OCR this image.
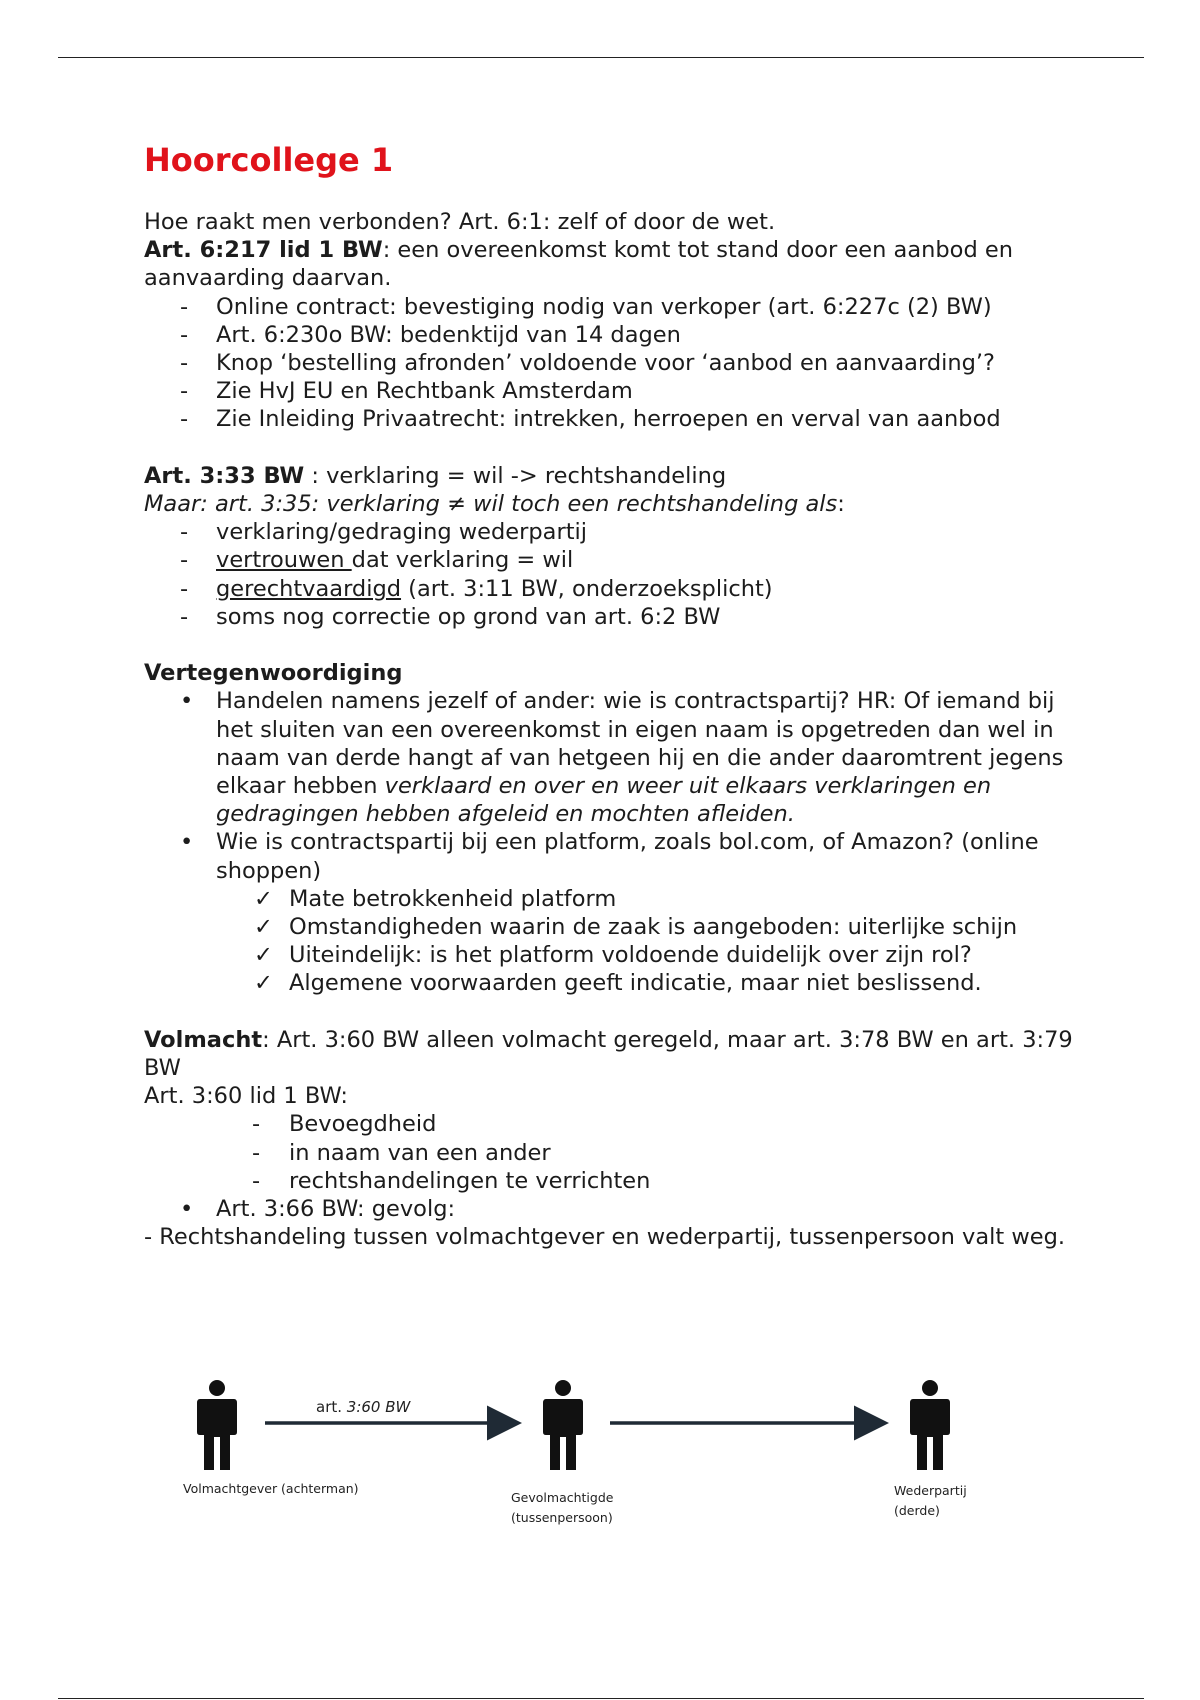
Hoorcollege 1

Hoe raakt men verbonden? Art. 6:1: zelf of door de wet.

Art. 6:217 lid 1 BW: een overeenkomst komt tot stand door een aanbod en aanvaarding daarvan.

- Online contract: bevestiging nodig van verkoper (art. 6:227c (2) BW)
- Art. 6:230o BW: bedenktijd van 14 dagen
- Knop ‘bestelling afronden’ voldoende voor ‘aanbod en aanvaarding’?
- Zie HvJ EU en Rechtbank Amsterdam
- Zie Inleiding Privaatrecht: intrekken, herroepen en verval van aanbod

Art. 3:33 BW : verklaring = wil -> rechtshandeling

Maar: art. 3:35: verklaring ≠ wil toch een rechtshandeling als:

- verklaring/gedraging wederpartij
- vertrouwen dat verklaring = wil
- gerechtvaardigd (art. 3:11 BW, onderzoeksplicht)
- soms nog correctie op grond van art. 6:2 BW

Vertegenwoordiging

• Handelen namens jezelf of ander: wie is contractspartij? HR: Of iemand bij het sluiten van een overeenkomst in eigen naam is opgetreden dan wel in naam van derde hangt af van hetgeen hij en die ander daaromtrent jegens elkaar hebben verklaard en over en weer uit elkaars verklaringen en gedragingen hebben afgeleid en mochten afleiden.
• Wie is contractspartij bij een platform, zoals bol.com, of Amazon? (online shoppen)
✓ Mate betrokkenheid platform
✓ Omstandigheden waarin de zaak is aangeboden: uiterlijke schijn
✓ Uiteindelijk: is het platform voldoende duidelijk over zijn rol?
✓ Algemene voorwaarden geeft indicatie, maar niet beslissend.

Volmacht: Art. 3:60 BW alleen volmacht geregeld, maar art. 3:78 BW en art. 3:79 BW

Art. 3:60 lid 1 BW:

- Bevoegdheid
- in naam van een ander
- rechtshandelingen te verrichten
• Art. 3:66 BW: gevolg:

- Rechtshandeling tussen volmachtgever en wederpartij, tussenpersoon valt weg.

art. 3:60 BW
Volmachtgever (achterman)
Gevolmachtigde
(tussenpersoon)
Wederpartij
(derde)
